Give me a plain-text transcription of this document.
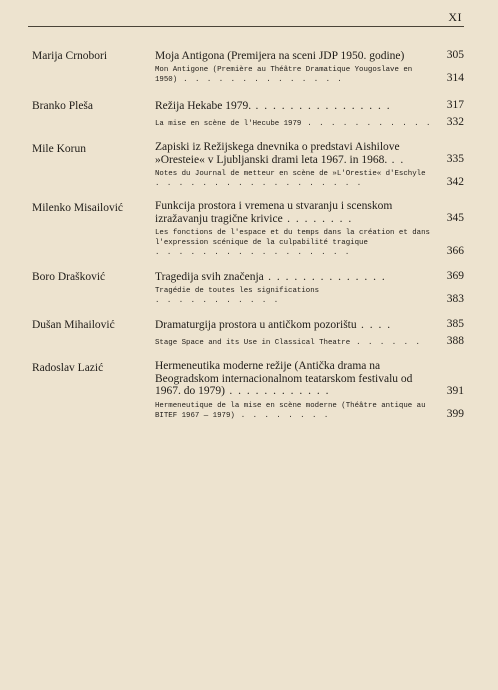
XI
Marija Crnobori	Moja Antigona (Premijera na sceni JDP 1950. godine)	305
Mon Antigone (Première au Théâtre Dramatique Yougoslave en 1950) . . . . . . . . . . . . . .	314
Branko Pleša	Režija Hekabe 1979. . . . . . . . . . . . . . . . .	317
La mise en scène de l'Hecube 1979 . . . . . . . . . . .	332
Mile Korun	Zapiski iz Režijskega dnevnika o predstavi Aishilove »Oresteie« v Ljubljanski drami leta 1967. in 1968. . .	335
Notes du Journal de metteur en scène de »L'Orestie« d'Eschyle . . . . . . . . . . . . . . . . . .	342
Milenko Misailović	Funkcija prostora i vremena u stvaranju i scenskom izražavanju tragične krivice . . . . . . . .	345
Les fonctions de l'espace et du temps dans la création et dans l'expression scénique de la culpabilité tragique . . . . . . . . . . . . . . . . .	366
Boro Drašković	Tragedija svih značenja . . . . . . . . . . . . . .	369
Tragédie de toutes les significations . . . . . . . . . . .	383
Dušan Mihailović	Dramaturgija prostora u antičkom pozorištu . . . .	385
Stage Space and its Use in Classical Theatre . . . . . .	388
Radoslav Lazić	Hermeneutika moderne režije (Antička drama na Beogradskom internacionalnom teatarskom festivalu od 1967. do 1979) . . . . . . . . . . . .	391
Hermeneutique de la mise en scène moderne (Théâtre antique au BITEF 1967 — 1979) . . . . . . . .	399
